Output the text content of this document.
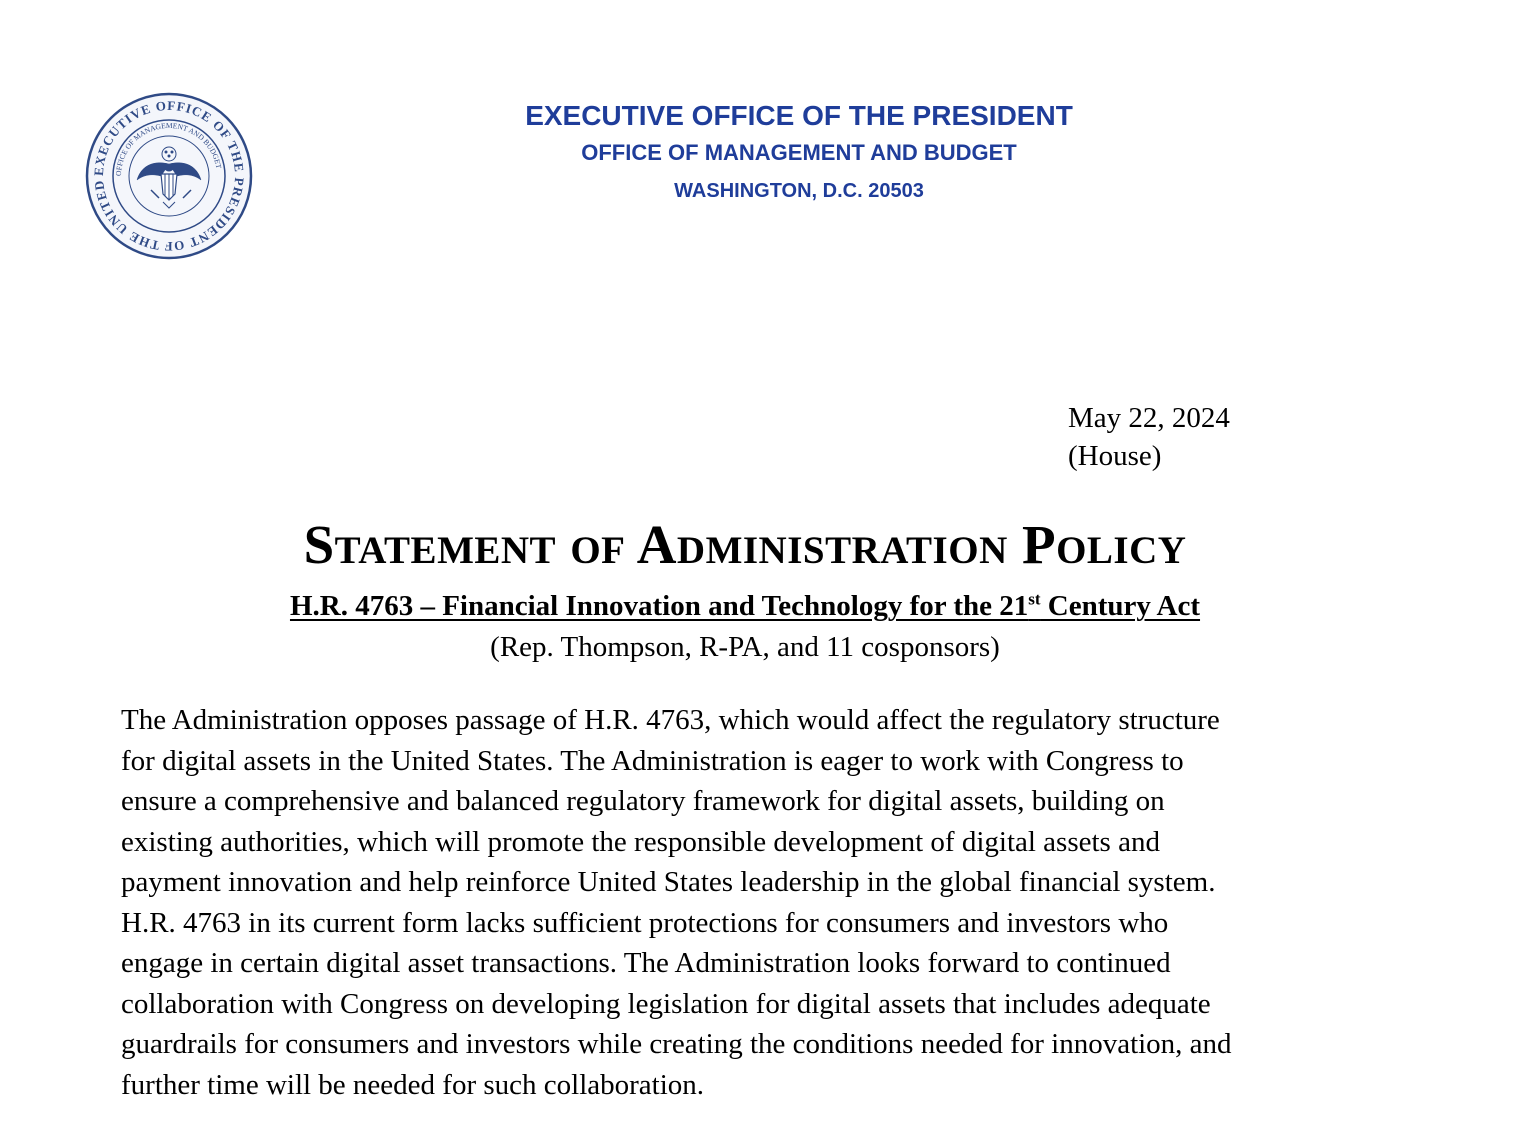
EXECUTIVE OFFICE OF THE PRESIDENT OF THE UNITED
OFFICE OF MANAGEMENT AND BUDGET
EXECUTIVE OFFICE OF THE PRESIDENT
OFFICE OF MANAGEMENT AND BUDGET
WASHINGTON, D.C. 20503
May 22, 2024
(House)
Statement of Administration Policy
H.R. 4763 – Financial Innovation and Technology for the 21st Century Act
(Rep. Thompson, R-PA, and 11 cosponsors)
The Administration opposes passage of H.R. 4763, which would affect the regulatory structure
for digital assets in the United States. The Administration is eager to work with Congress to
ensure a comprehensive and balanced regulatory framework for digital assets, building on
existing authorities, which will promote the responsible development of digital assets and
payment innovation and help reinforce United States leadership in the global financial system.
H.R. 4763 in its current form lacks sufficient protections for consumers and investors who
engage in certain digital asset transactions. The Administration looks forward to continued
collaboration with Congress on developing legislation for digital assets that includes adequate
guardrails for consumers and investors while creating the conditions needed for innovation, and
further time will be needed for such collaboration.
